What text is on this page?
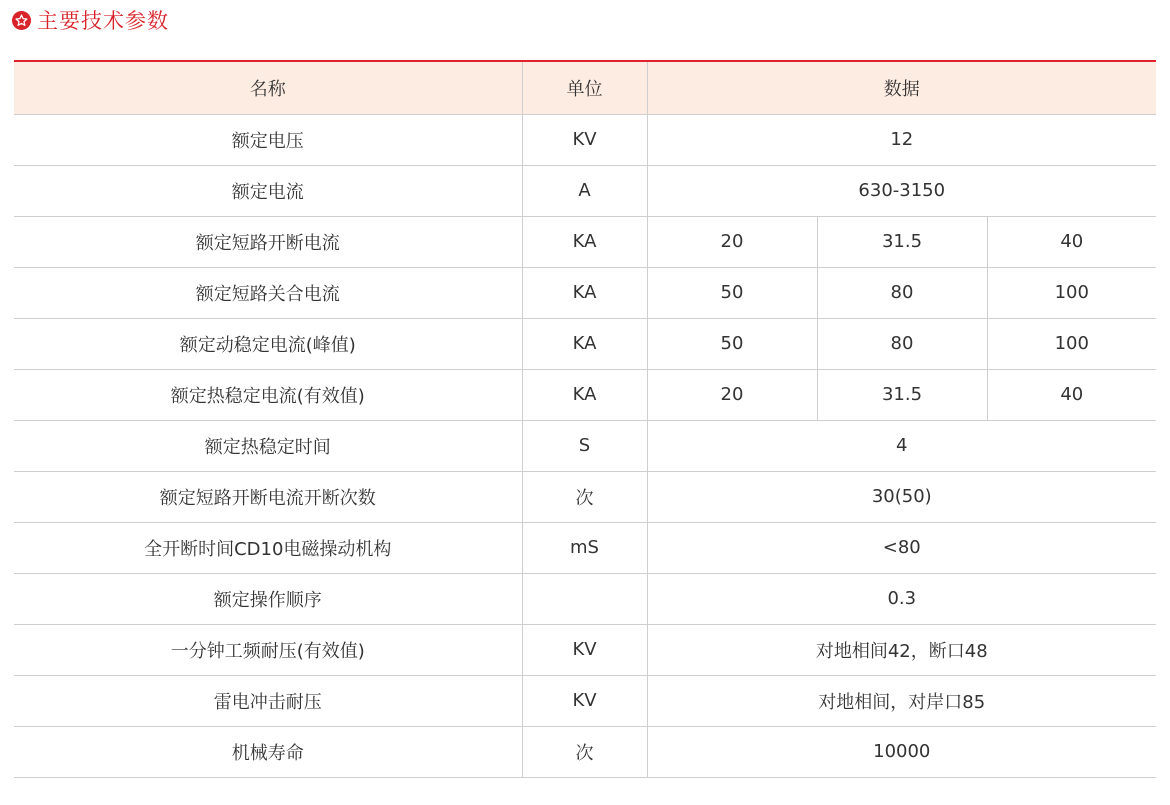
主要技术参数
名称	单位	数据		
额定电压	KV	12		
额定电流	A	630-3150		
额定短路开断电流	KA	20	31.5	40
额定短路关合电流	KA	50	80	100
额定动稳定电流(峰值)	KA	50	80	100
额定热稳定电流(有效值)	KA	20	31.5	40
额定热稳定时间	S	4		
额定短路开断电流开断次数	次	30(50)		
全开断时间CD10电磁操动机构	mS	<80		
额定操作顺序		0.3		
一分钟工频耐压(有效值)	KV	对地相间42，断口48		
雷电冲击耐压	KV	对地相间，对岸口85		
机械寿命	次	10000		
